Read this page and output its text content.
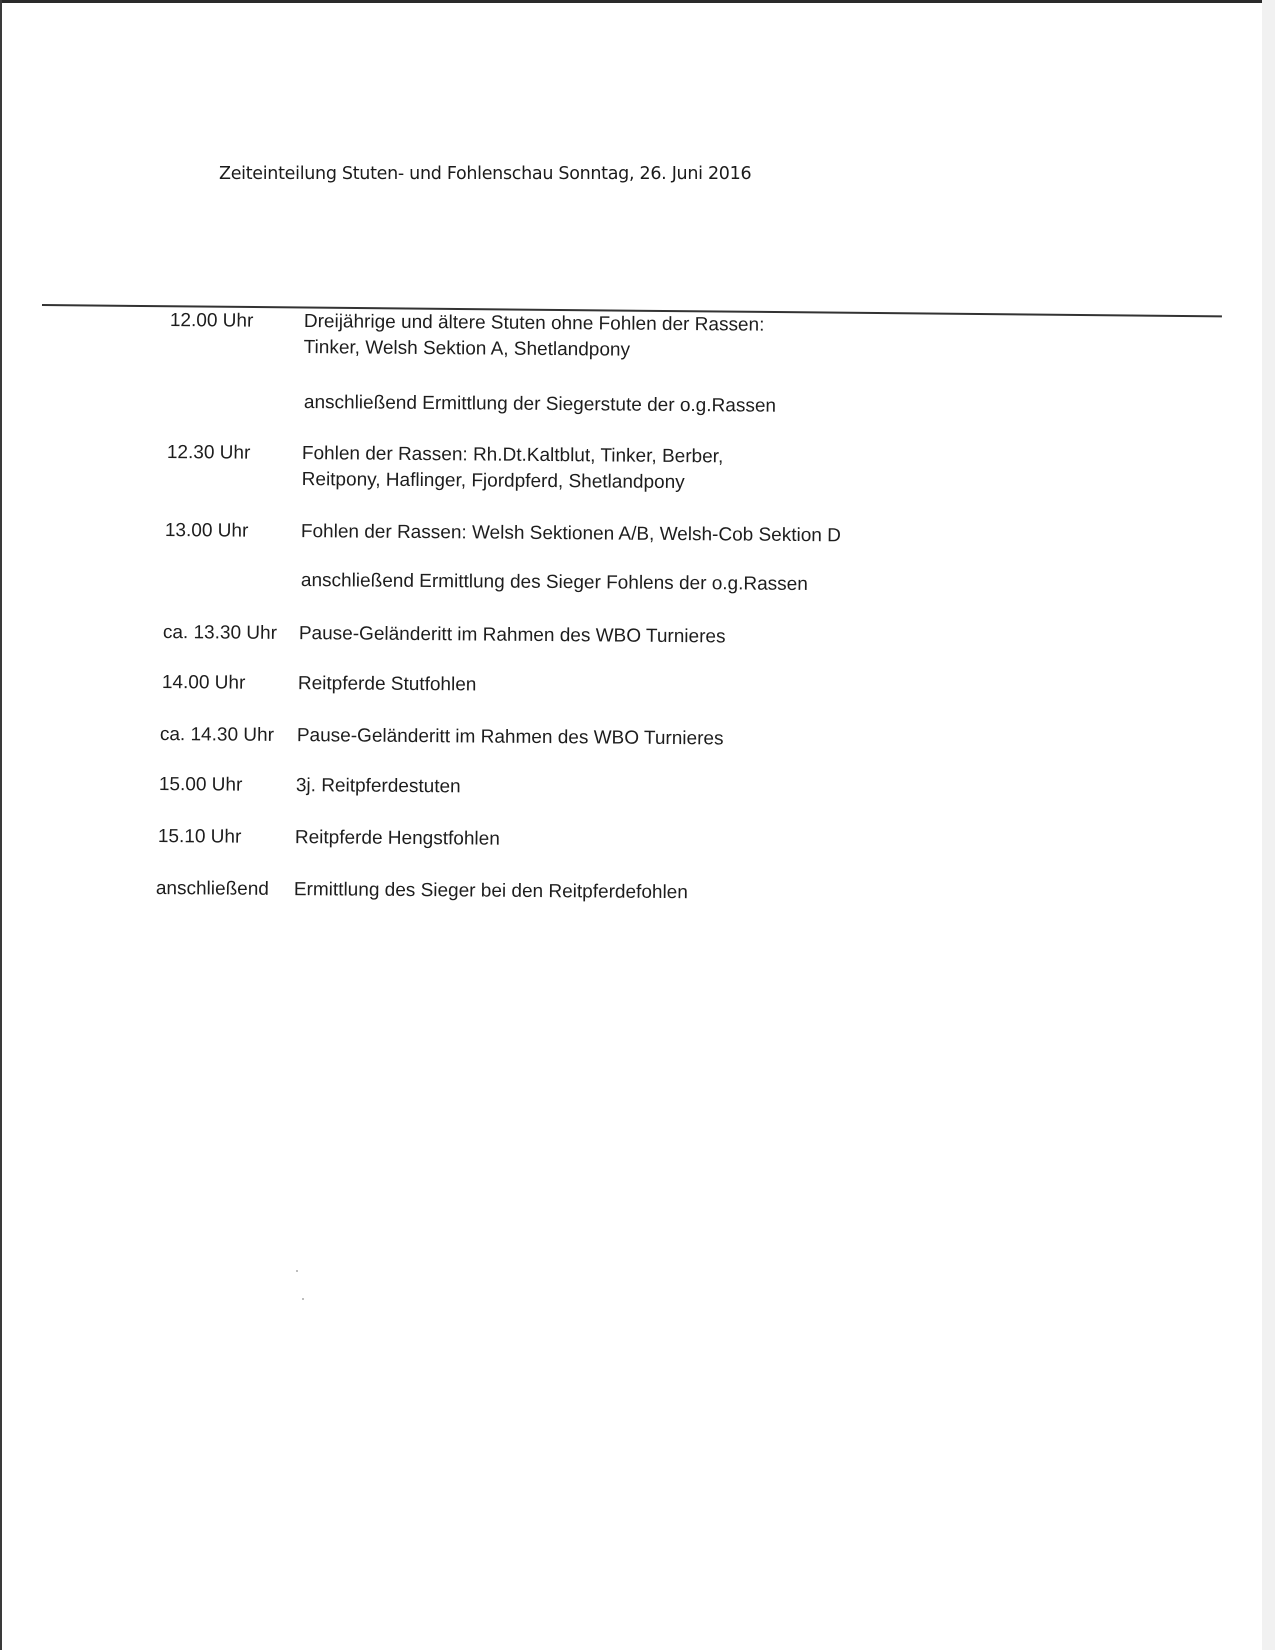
Zeiteinteilung Stuten- und Fohlenschau Sonntag, 26. Juni 2016
12.00 Uhr	Dreijährige und ältere Stuten ohne Fohlen der Rassen:
Tinker, Welsh Sektion A, Shetlandpony
anschließend Ermittlung der Siegerstute der o.g.Rassen
12.30 Uhr	Fohlen der Rassen: Rh.Dt.Kaltblut, Tinker, Berber,
Reitpony, Haflinger, Fjordpferd, Shetlandpony
13.00 Uhr	Fohlen der Rassen: Welsh Sektionen A/B, Welsh-Cob Sektion D
anschließend Ermittlung des Sieger Fohlens der o.g.Rassen
ca. 13.30 Uhr Pause-Geländeritt im Rahmen des WBO Turnieres
14.00 Uhr	Reitpferde Stutfohlen
ca. 14.30 Uhr Pause-Geländeritt im Rahmen des WBO Turnieres
15.00 Uhr	3j. Reitpferdestuten
15.10 Uhr	Reitpferde Hengstfohlen
anschließend Ermittlung des Sieger bei den Reitpferdefohlen
